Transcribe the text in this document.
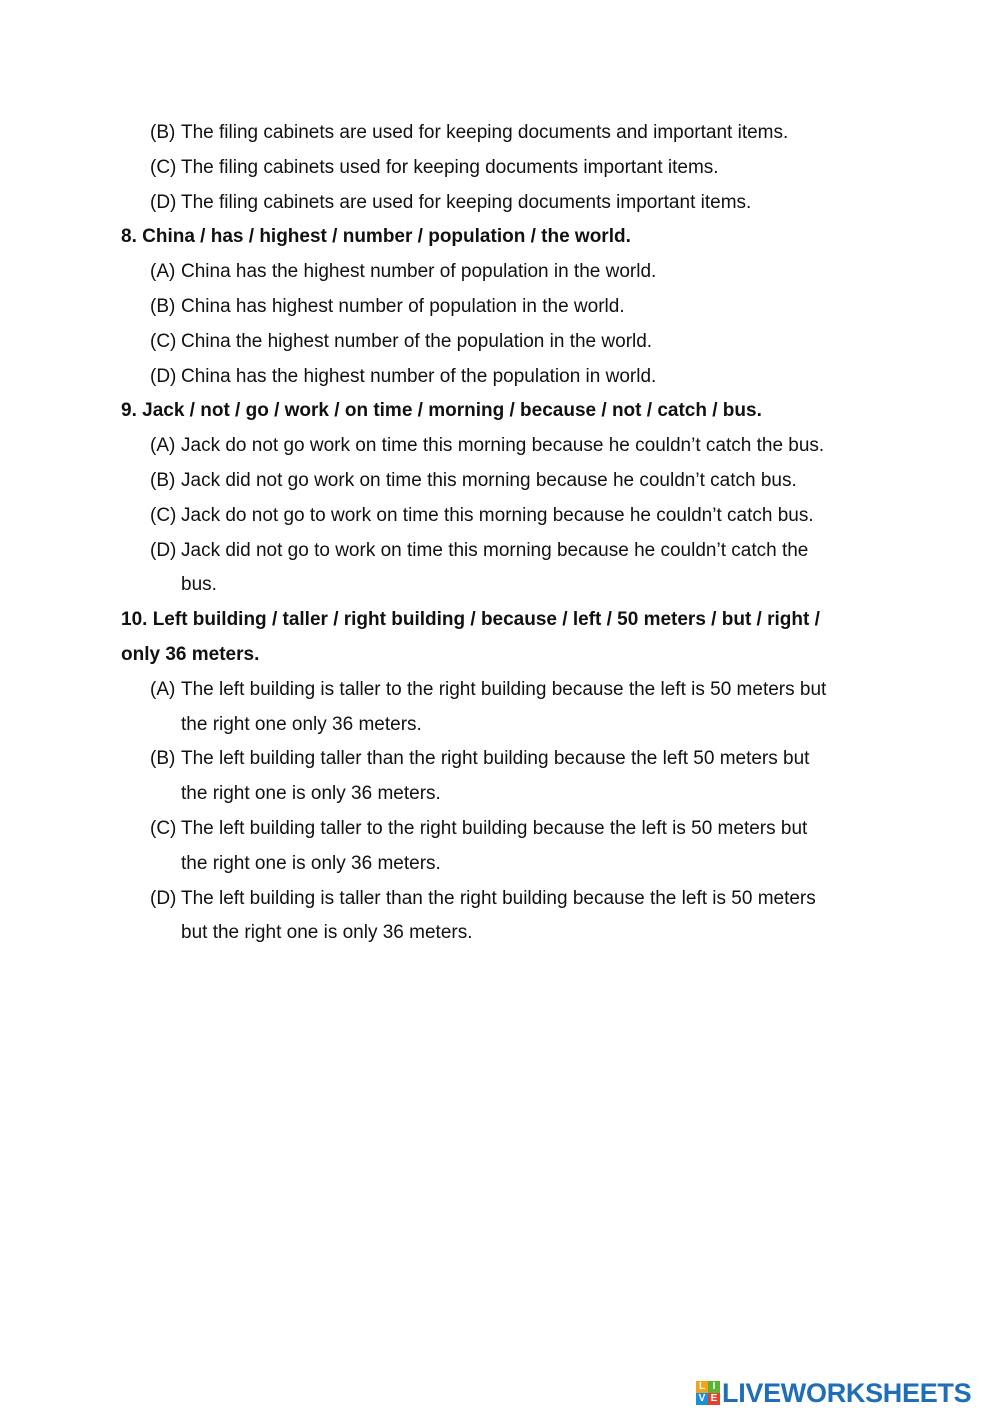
(B) The filing cabinets are used for keeping documents and important items.
(C) The filing cabinets used for keeping documents important items.
(D) The filing cabinets are used for keeping documents important items.
8. China / has / highest / number / population / the world.
(A) China has the highest number of population in the world.
(B) China has highest number of population in the world.
(C) China the highest number of the population in the world.
(D) China has the highest number of the population in world.
9. Jack / not / go / work / on time / morning / because / not / catch / bus.
(A) Jack do not go work on time this morning because he couldn’t catch the bus.
(B) Jack did not go work on time this morning because he couldn’t catch bus.
(C) Jack do not go to work on time this morning because he couldn’t catch bus.
(D) Jack did not go to work on time this morning because he couldn’t catch the
bus.
10. Left building / taller / right building / because / left / 50 meters / but / right /
only 36 meters.
(A) The left building is taller to the right building because the left is 50 meters but
the right one only 36 meters.
(B) The left building taller than the right building because the left 50 meters but
the right one is only 36 meters.
(C) The left building taller to the right building because the left is 50 meters but
the right one is only 36 meters.
(D) The left building is taller than the right building because the left is 50 meters
but the right one is only 36 meters.
L I
V E LIVEWORKSHEETS
